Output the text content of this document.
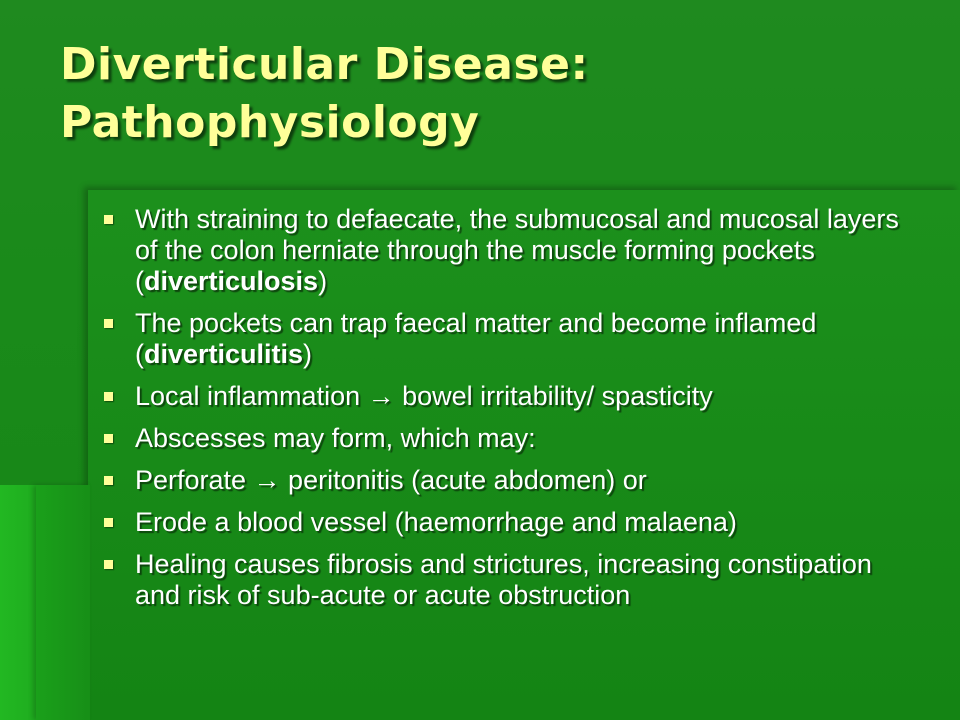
Diverticular Disease:
Pathophysiology
With straining to defaecate, the submucosal and mucosal layers of the colon herniate through the muscle forming pockets (diverticulosis)
The pockets can trap faecal matter and become inflamed (diverticulitis)
Local inflammation → bowel irritability/ spasticity
Abscesses may form, which may:
Perforate → peritonitis (acute abdomen) or
Erode a blood vessel (haemorrhage and malaena)
Healing causes fibrosis and strictures, increasing constipation and risk of sub-acute or acute obstruction
